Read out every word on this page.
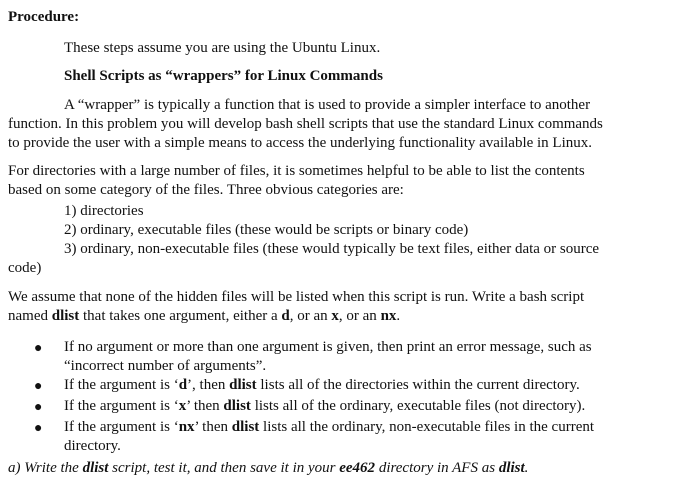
Procedure:
These steps assume you are using the Ubuntu Linux.
Shell Scripts as “wrappers” for Linux Commands
A “wrapper” is typically a function that is used to provide a simpler interface to another
function. In this problem you will develop bash shell scripts that use the standard Linux commands
to provide the user with a simple means to access the underlying functionality available in Linux.
For directories with a large number of files, it is sometimes helpful to be able to list the contents
based on some category of the files. Three obvious categories are:
1) directories
2) ordinary, executable files (these would be scripts or binary code)
3) ordinary, non-executable files (these would typically be text files, either data or source
code)
We assume that none of the hidden files will be listed when this script is run. Write a bash script
named dlist that takes one argument, either a d, or an x, or an nx.
● If no argument or more than one argument is given, then print an error message, such as
“incorrect number of arguments”.
● If the argument is ‘d’, then dlist lists all of the directories within the current directory.
● If the argument is ‘x’ then dlist lists all of the ordinary, executable files (not directory).
● If the argument is ‘nx’ then dlist lists all the ordinary, non-executable files in the current
directory.
a) Write the dlist script, test it, and then save it in your ee462 directory in AFS as dlist.
